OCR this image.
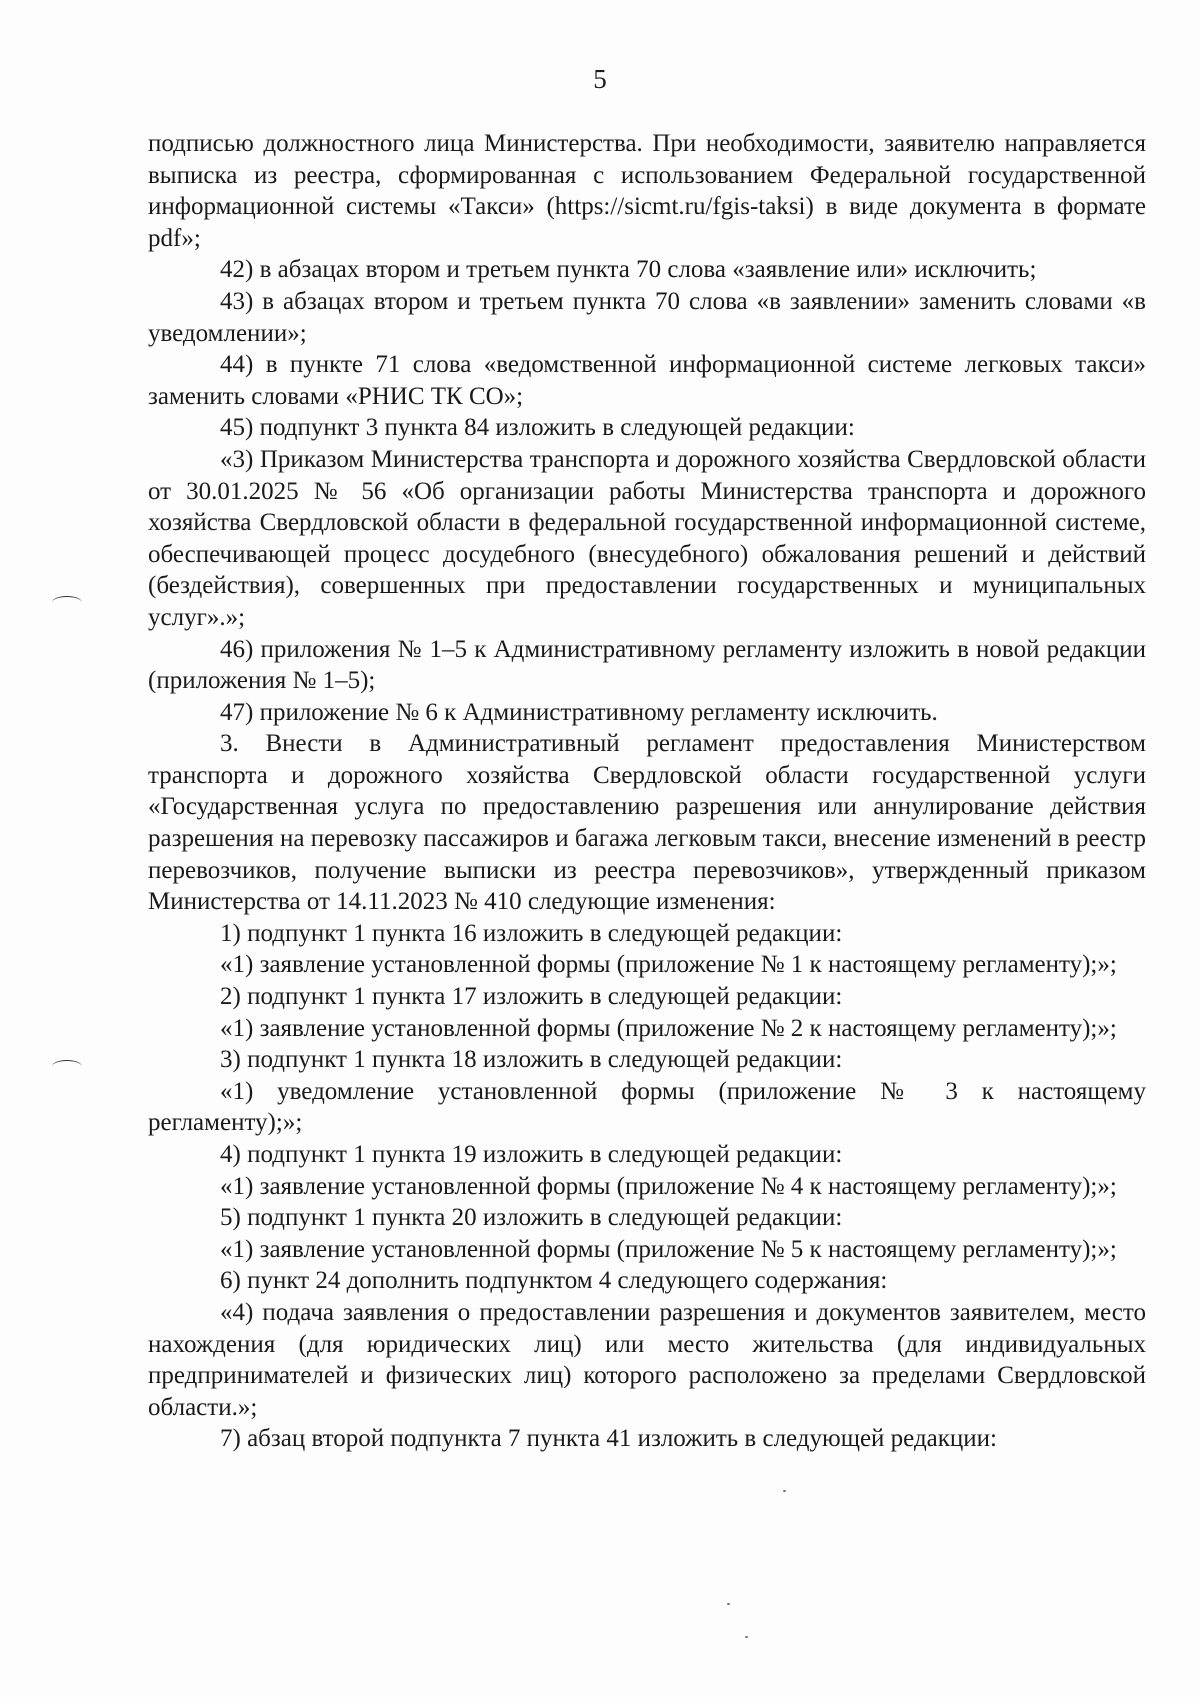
5

подписью должностного лица Министерства. При необходимости, заявителю направляется выписка из реестра, сформированная с использованием Федеральной государственной информационной системы «Такси» (https://sicmt.ru/fgis-taksi) в виде документа в формате pdf»;

42) в абзацах втором и третьем пункта 70 слова «заявление или» исключить;

43) в абзацах втором и третьем пункта 70 слова «в заявлении» заменить словами «в уведомлении»;

44) в пункте 71 слова «ведомственной информационной системе легковых такси» заменить словами «РНИС ТК СО»;

45) подпункт 3 пункта 84 изложить в следующей редакции:

«3) Приказом Министерства транспорта и дорожного хозяйства Свердловской области от 30.01.2025 № 56 «Об организации работы Министерства транспорта и дорожного хозяйства Свердловской области в федеральной государственной информационной системе, обеспечивающей процесс досудебного (внесудебного) обжалования решений и действий (бездействия), совершенных при предоставлении государственных и муниципальных услуг».»;

46) приложения № 1–5 к Административному регламенту изложить в новой редакции (приложения № 1–5);

47) приложение № 6 к Административному регламенту исключить.

3. Внести в Административный регламент предоставления Министерством транспорта и дорожного хозяйства Свердловской области государственной услуги «Государственная услуга по предоставлению разрешения или аннулирование действия разрешения на перевозку пассажиров и багажа легковым такси, внесение изменений в реестр перевозчиков, получение выписки из реестра перевозчиков», утвержденный приказом Министерства от 14.11.2023 № 410 следующие изменения:

1) подпункт 1 пункта 16 изложить в следующей редакции:

«1) заявление установленной формы (приложение № 1 к настоящему регламенту);»;

2) подпункт 1 пункта 17 изложить в следующей редакции:

«1) заявление установленной формы (приложение № 2 к настоящему регламенту);»;

3) подпункт 1 пункта 18 изложить в следующей редакции:

«1) уведомление установленной формы (приложение № 3 к настоящему регламенту);»;

4) подпункт 1 пункта 19 изложить в следующей редакции:

«1) заявление установленной формы (приложение № 4 к настоящему регламенту);»;

5) подпункт 1 пункта 20 изложить в следующей редакции:

«1) заявление установленной формы (приложение № 5 к настоящему регламенту);»;

6) пункт 24 дополнить подпунктом 4 следующего содержания:

«4) подача заявления о предоставлении разрешения и документов заявителем, место нахождения (для юридических лиц) или место жительства (для индивидуальных предпринимателей и физических лиц) которого расположено за пределами Свердловской области.»;

7) абзац второй подпункта 7 пункта 41 изложить в следующей редакции:
